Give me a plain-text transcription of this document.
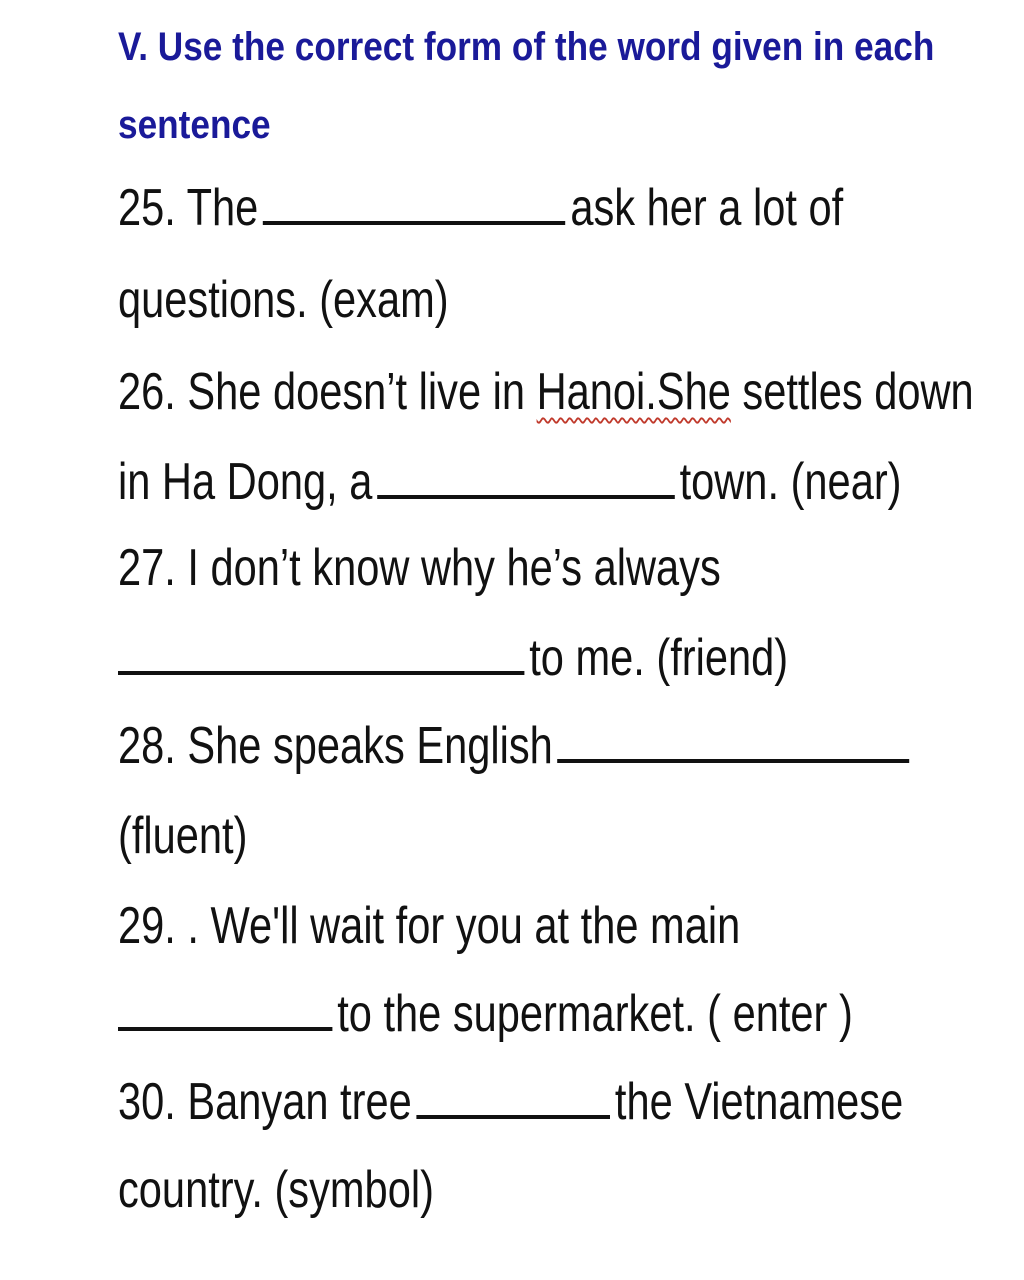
V. Use the correct form of the word given in each
sentence
25. The	ask her a lot of
questions. (exam)
26. She doesn’t live in Hanoi.She settles down
in Ha Dong, a	town. (near)
27. I don’t know why he’s always
to me. (friend)
28. She speaks English
(fluent)
29. . We'll wait for you at the main
to the supermarket. ( enter )
30. Banyan tree	the Vietnamese
country. (symbol)
